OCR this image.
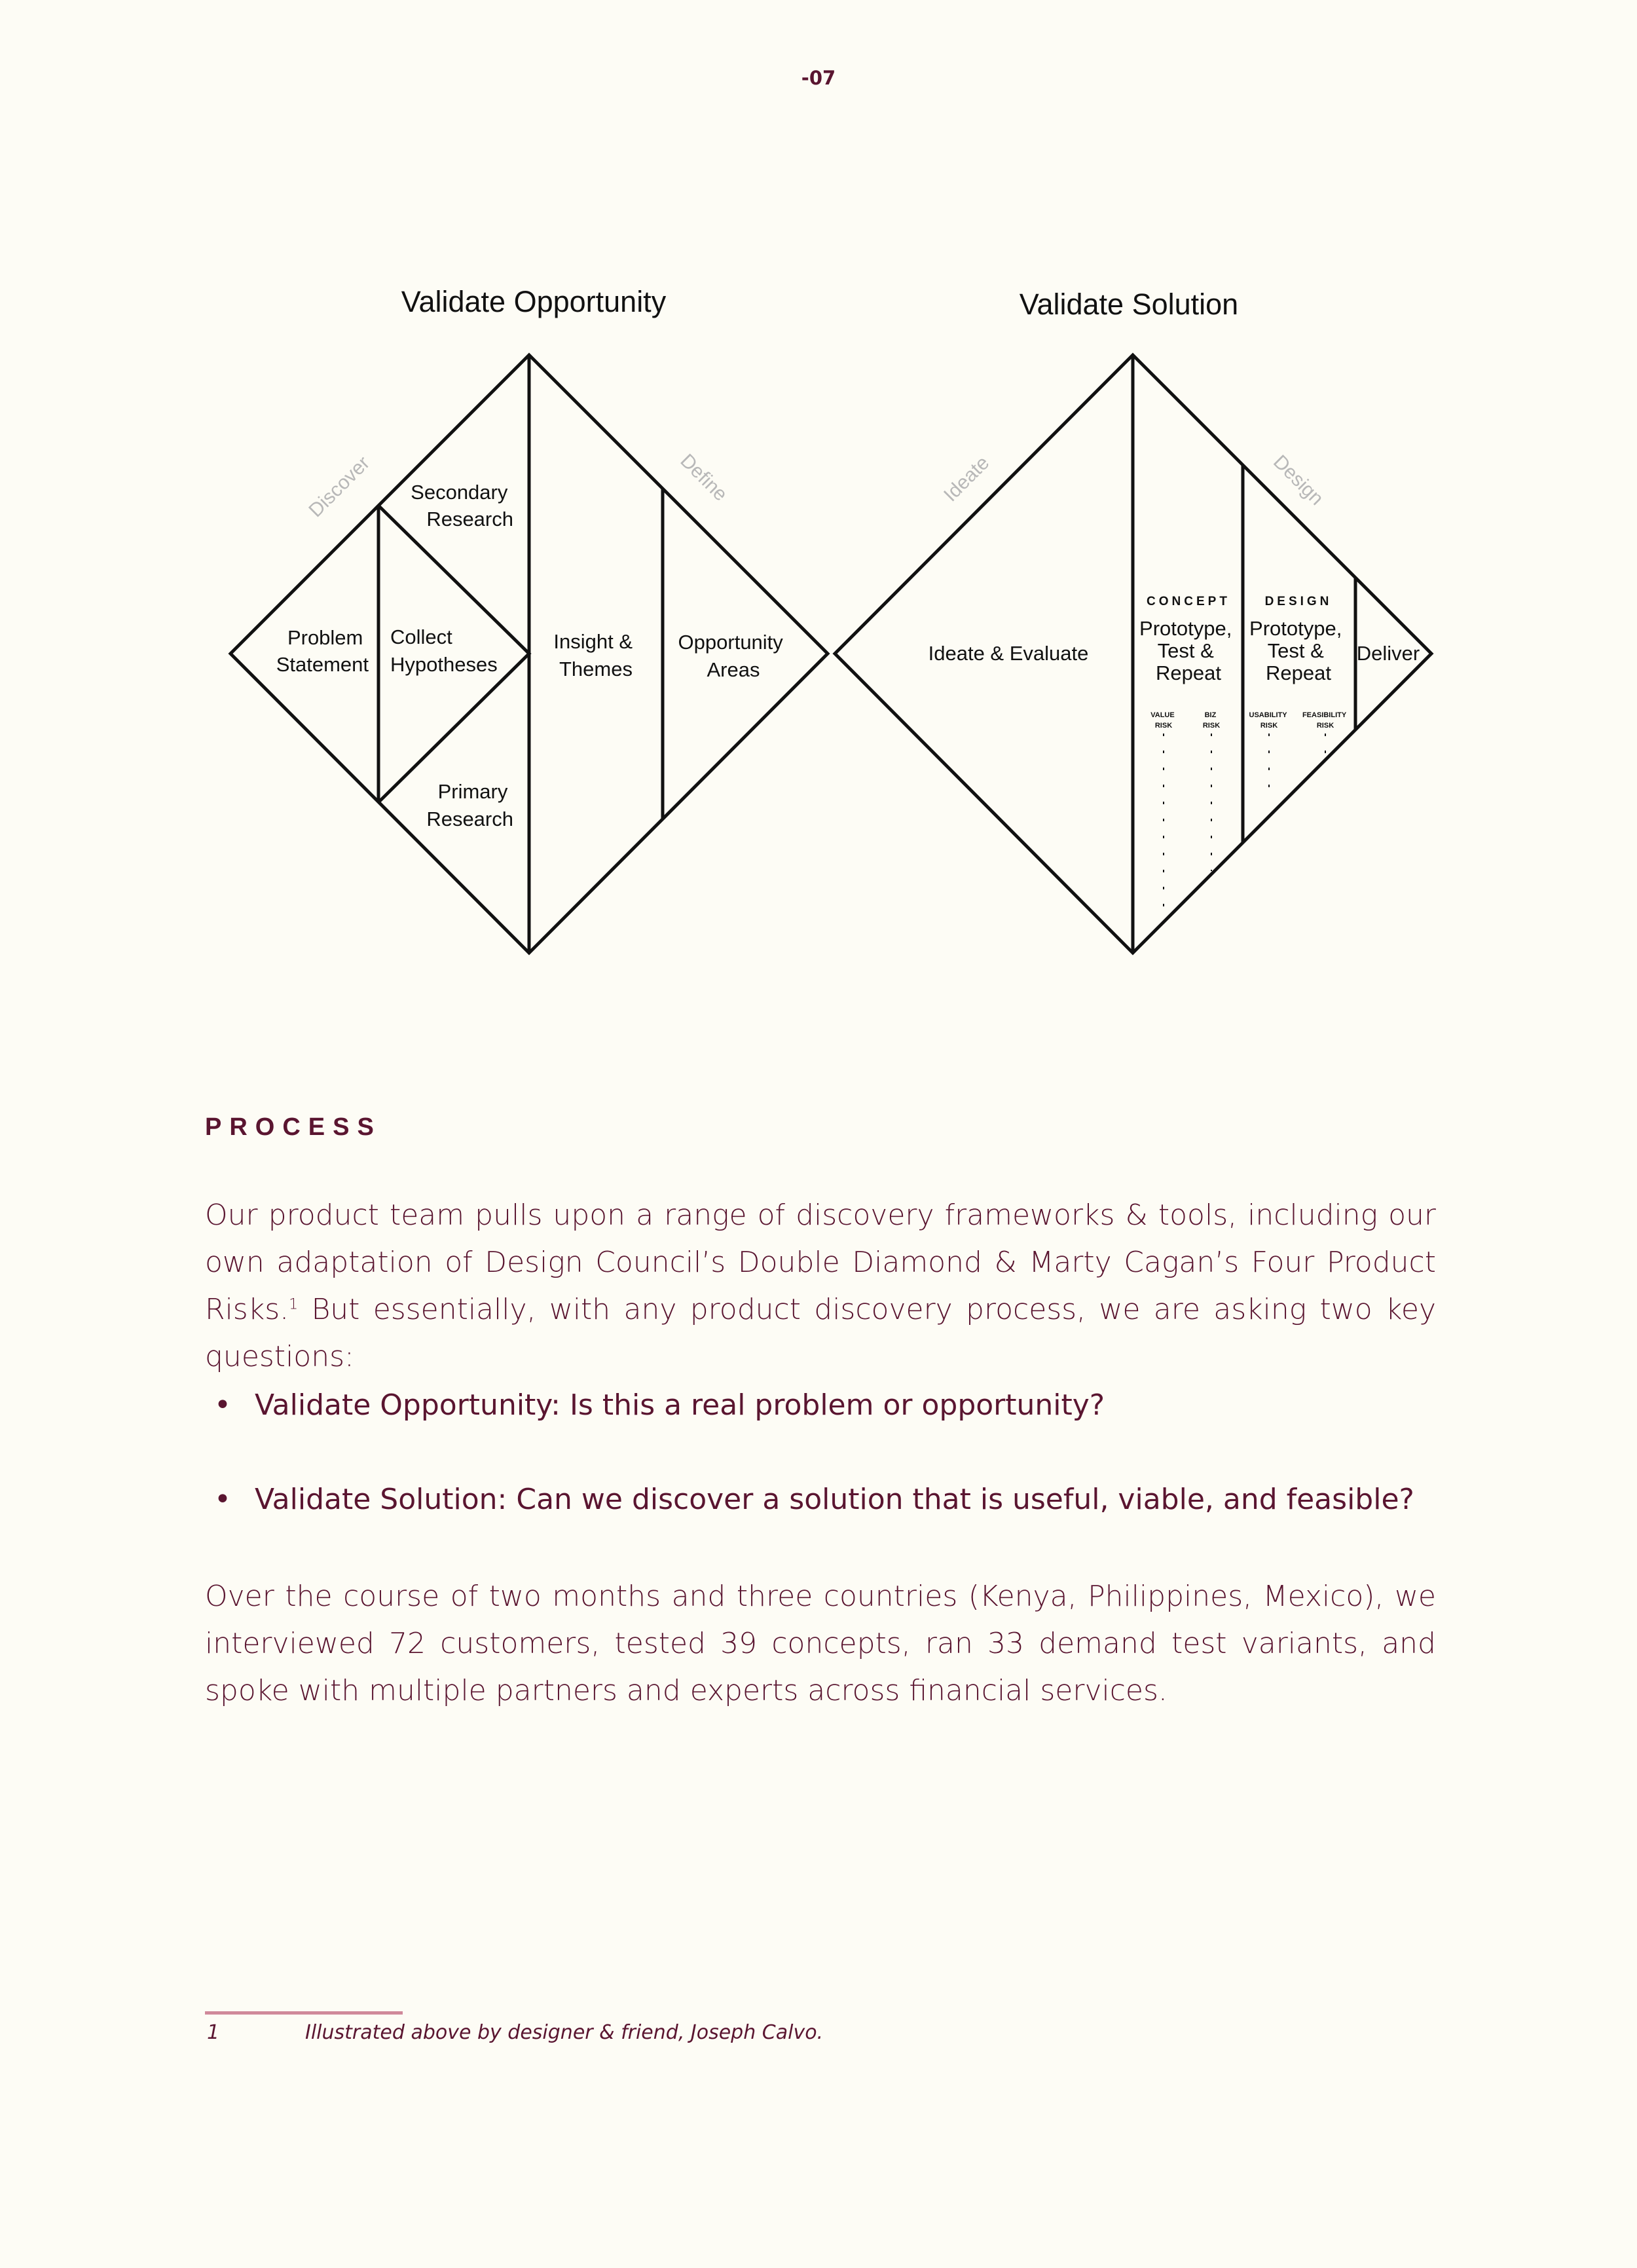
-07
Validate Opportunity	Validate Solution
Discover	Define	Ideate	Design
Problem Statement
Collect Hypotheses
Secondary Research
Primary Research
Insight & Themes
Opportunity Areas
Ideate & Evaluate
CONCEPT
Prototype, Test & Repeat
DESIGN
Prototype, Test & Repeat
Deliver
VALUE RISK
BIZ RISK
USABILITY RISK
FEASIBILITY RISK
PROCESS

Our product team pulls upon a range of discovery frameworks & tools, including our own adaptation of Design Council’s Double Diamond & Marty Cagan’s Four Product Risks.$^1$ But essentially, with any product discovery process, we are asking two key questions:

• Validate Opportunity: Is this a real problem or opportunity?
• Validate Solution: Can we discover a solution that is useful, viable, and feasible?

Over the course of two months and three countries (Kenya, Philippines, Mexico), we interviewed 72 customers, tested 39 concepts, ran 33 demand test variants, and spoke with multiple partners and experts across financial services.

1	Illustrated above by designer & friend, Joseph Calvo.
